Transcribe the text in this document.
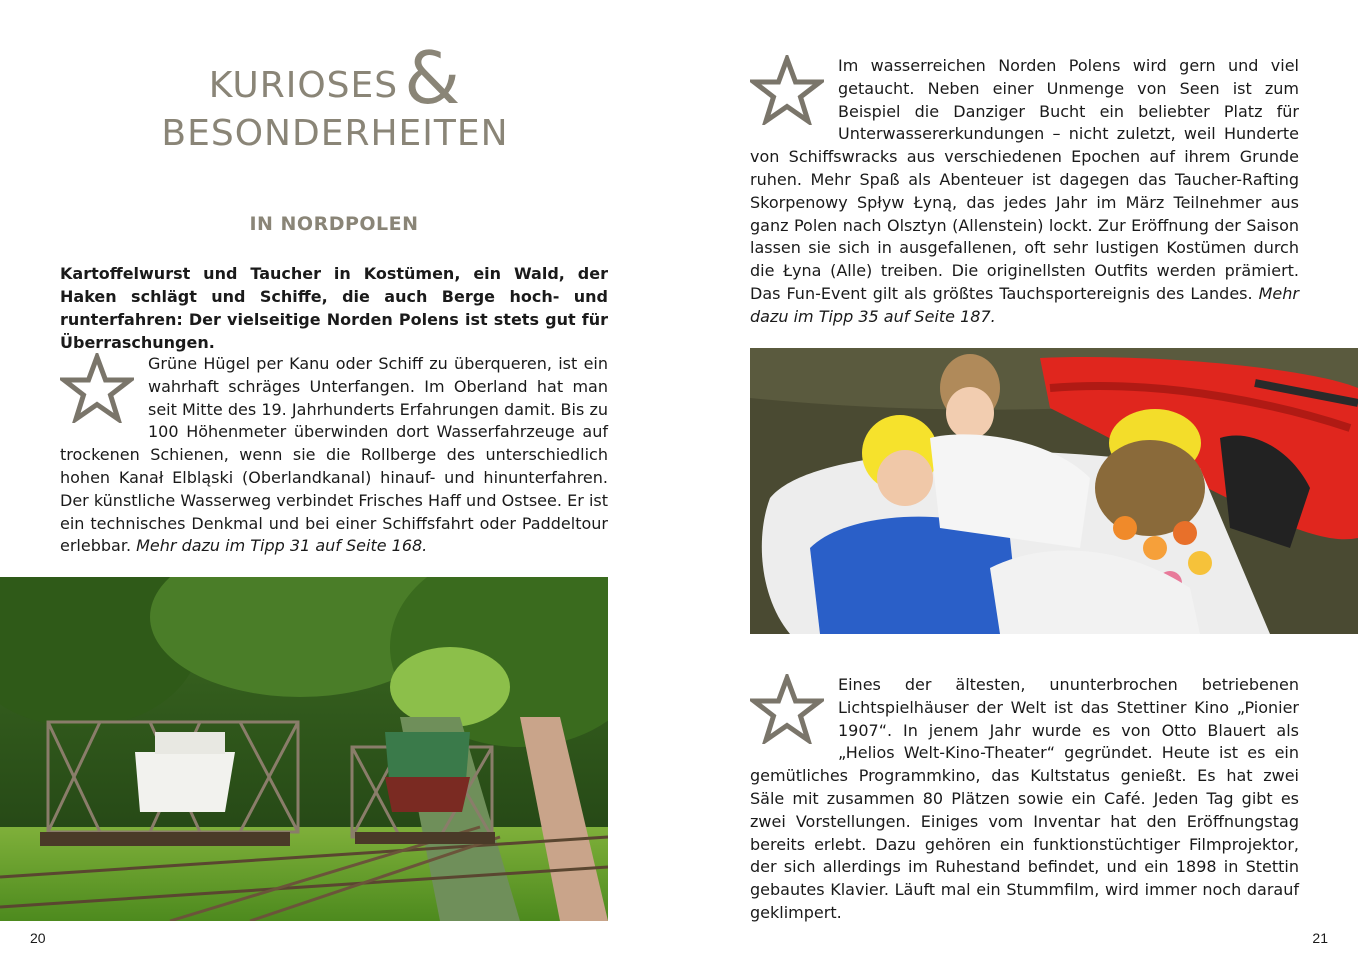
KURIOSES&
BESONDERHEITEN
IN NORDPOLEN
Kartoffelwurst und Taucher in Kostümen, ein Wald, der Haken schlägt und Schiffe, die auch Berge hoch- und runterfahren: Der vielseitige Norden Polens ist stets gut für Überraschungen.
Grüne Hügel per Kanu oder Schiff zu überqueren, ist ein wahrhaft schräges Unterfangen. Im Oberland hat man seit Mitte des 19. Jahrhunderts Erfahrungen damit. Bis zu 100 Höhenmeter überwinden dort Wasserfahrzeuge auf trockenen Schienen, wenn sie die Rollberge des unterschiedlich hohen Kanał Elbląski (Oberlandkanal) hinauf- und hinunterfahren. Der künstliche Wasserweg verbindet Frisches Haff und Ostsee. Er ist ein technisches Denkmal und bei einer Schiffsfahrt oder Paddeltour erlebbar. Mehr dazu im Tipp 31 auf Seite 168.
20
Im wasserreichen Norden Polens wird gern und viel getaucht. Neben einer Unmenge von Seen ist zum Beispiel die Danziger Bucht ein beliebter Platz für Unterwassererkundungen – nicht zuletzt, weil Hunderte von Schiffswracks aus verschiedenen Epochen auf ihrem Grunde ruhen. Mehr Spaß als Abenteuer ist dagegen das Taucher-Rafting Skorpenowy Spływ Łyną, das jedes Jahr im März Teilnehmer aus ganz Polen nach Olsztyn (Allenstein) lockt. Zur Eröffnung der Saison lassen sie sich in ausgefallenen, oft sehr lustigen Kostümen durch die Łyna (Alle) treiben. Die originellsten Outfits werden prämiert. Das Fun-Event gilt als größtes Tauchsportereignis des Landes. Mehr dazu im Tipp 35 auf Seite 187.
Eines der ältesten, ununterbrochen betriebenen Lichtspielhäuser der Welt ist das Stettiner Kino „Pionier 1907“. In jenem Jahr wurde es von Otto Blauert als „Helios Welt-Kino-Theater“ gegründet. Heute ist es ein gemütliches Programmkino, das Kultstatus genießt. Es hat zwei Säle mit zusammen 80 Plätzen sowie ein Café. Jeden Tag gibt es zwei Vorstellungen. Einiges vom Inventar hat den Eröffnungstag bereits erlebt. Dazu gehören ein funktionstüchtiger Filmprojektor, der sich allerdings im Ruhestand befindet, und ein 1898 in Stettin gebautes Klavier. Läuft mal ein Stummfilm, wird immer noch darauf geklimpert.
21
